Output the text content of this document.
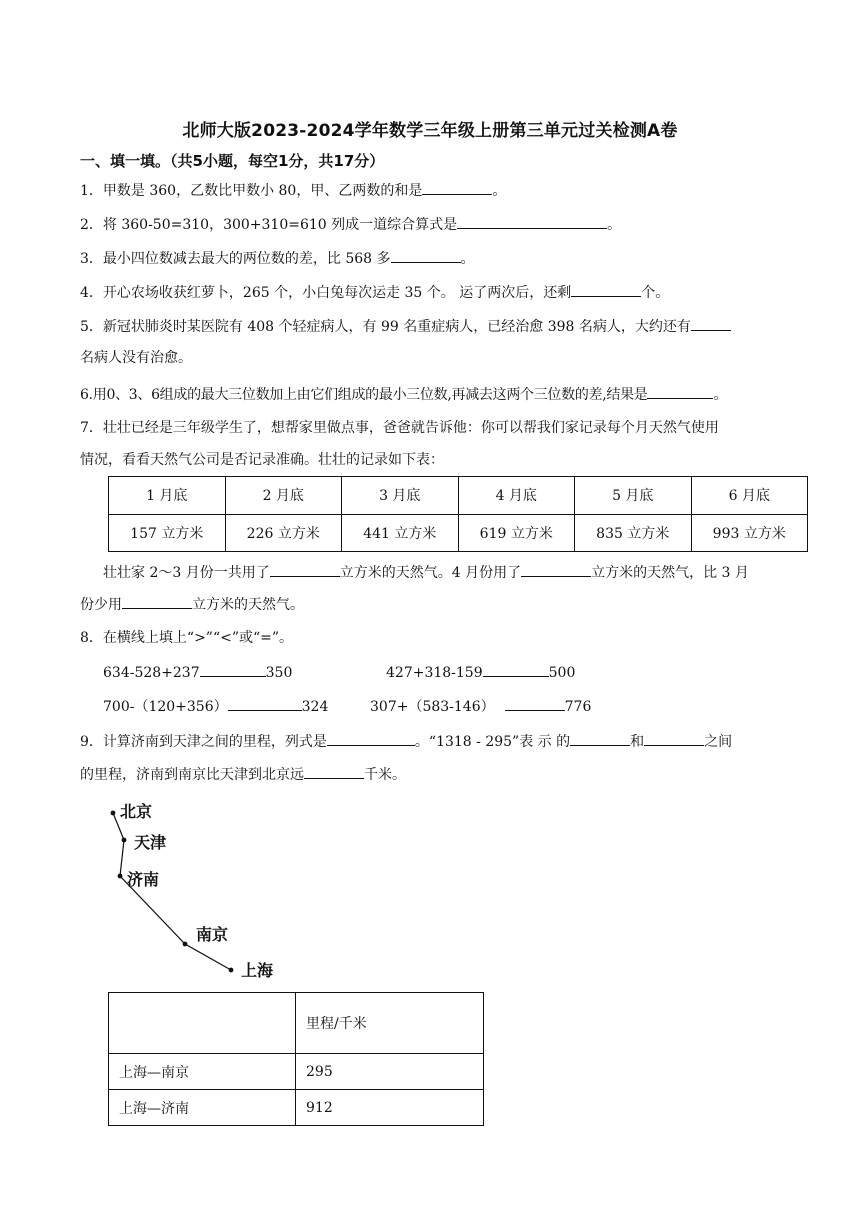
北师大版2023-2024学年数学三年级上册第三单元过关检测A卷
一、填一填。（共5小题，每空1分，共17分）
1．甲数是 360，乙数比甲数小 80，甲、乙两数的和是	。
2．将 360-50=310，300+310=610 列成一道综合算式是	。
3．最小四位数减去最大的两位数的差，比 568 多	。
4．开心农场收获红萝卜，265 个，小白兔每次运走 35 个。 运了两次后，还剩	个。
5．新冠状肺炎时某医院有 408 个轻症病人，有 99 名重症病人，已经治愈 398 名病人，大约还有
名病人没有治愈。
6.用0、3、6组成的最大三位数加上由它们组成的最小三位数,再减去这两个三位数的差,结果是	。
7．壮壮已经是三年级学生了，想帮家里做点事，爸爸就告诉他：你可以帮我们家记录每个月天然气使用
情况，看看天然气公司是否记录准确。壮壮的记录如下表：
1 月底	2 月底	3 月底	4 月底	5 月底	6 月底
157 立方米	226 立方米	441 立方米	619 立方米	835 立方米	993 立方米
壮壮家 2～3 月份一共用了	立方米的天然气。4 月份用了	立方米的天然气，比 3 月
份少用	立方米的天然气。
8．在横线上填上“>”“<”或“=”。
634-528+237	350	427+318-159	500
700-（120+356）	324	307+（583-146）	776
9．计算济南到天津之间的里程，列式是	。“1318 - 295”表 示 的	和	之间
的里程，济南到南京比天津到北京远	千米。
北京
天津
济南
南京
上海
	里程/千米
上海—南京	295
上海—济南	912
